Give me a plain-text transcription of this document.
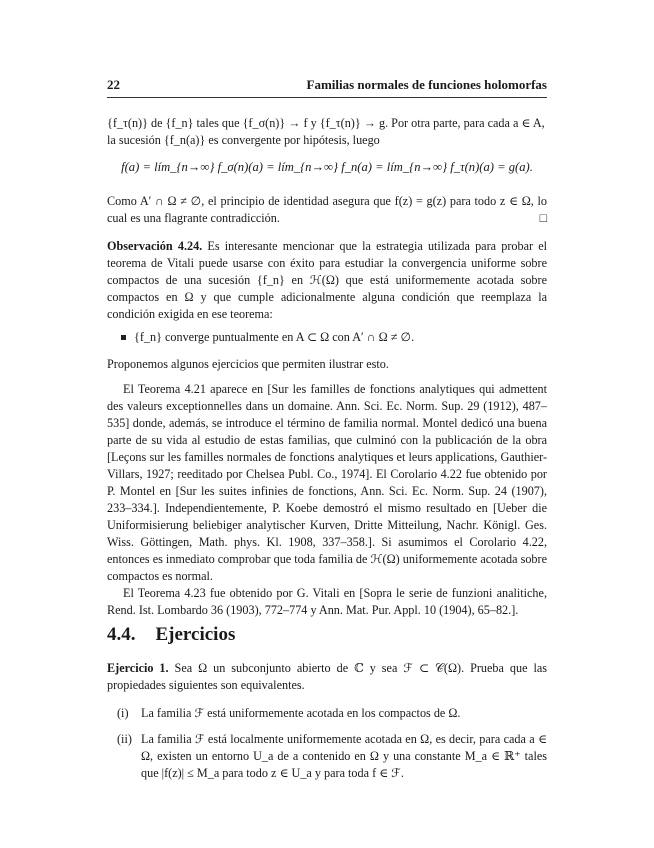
22	Familias normales de funciones holomorfas

{f_τ(n)} de {f_n} tales que {f_σ(n)} → f y {f_τ(n)} → g. Por otra parte, para cada a ∈ A,

la sucesión {f_n(a)} es convergente por hipótesis, luego

f(a) = lím_{n→∞} f_σ(n)(a) = lím_{n→∞} f_n(a) = lím_{n→∞} f_τ(n)(a) = g(a).

Como A′ ∩ Ω ≠ ∅, el principio de identidad asegura que f(z) = g(z) para todo z ∈ Ω, lo cual es una flagrante contradicción.	□

Observación 4.24. Es interesante mencionar que la estrategia utilizada para probar el teorema de Vitali puede usarse con éxito para estudiar la convergencia uniforme sobre compactos de una sucesión {f_n} en ℋ(Ω) que está uniformemente acotada sobre compactos en Ω y que cumple adicionalmente alguna condición que reemplaza la condición exigida en ese teorema:

{f_n} converge puntualmente en A ⊂ Ω con A′ ∩ Ω ≠ ∅.

Proponemos algunos ejercicios que permiten ilustrar esto.

El Teorema 4.21 aparece en [Sur les familles de fonctions analytiques qui admettent des valeurs exceptionnelles dans un domaine. Ann. Sci. Ec. Norm. Sup. 29 (1912), 487–535] donde, además, se introduce el término de familia normal. Montel dedicó una buena parte de su vida al estudio de estas familias, que culminó con la publicación de la obra [Leçons sur les familles normales de fonctions analytiques et leurs applications, Gauthier-Villars, 1927; reeditado por Chelsea Publ. Co., 1974]. El Corolario 4.22 fue obtenido por P. Montel en [Sur les suites infinies de fonctions, Ann. Sci. Ec. Norm. Sup. 24 (1907), 233–334.]. Independientemente, P. Koebe demostró el mismo resultado en [Ueber die Uniformisierung beliebiger analytischer Kurven, Dritte Mitteilung, Nachr. Königl. Ges. Wiss. Göttingen, Math. phys. Kl. 1908, 337–358.]. Si asumimos el Corolario 4.22, entonces es inmediato comprobar que toda familia de ℋ(Ω) uniformemente acotada sobre compactos es normal.

El Teorema 4.23 fue obtenido por G. Vitali en [Sopra le serie de funzioni analitiche, Rend. Ist. Lombardo 36 (1903), 772–774 y Ann. Mat. Pur. Appl. 10 (1904), 65–82.].

4.4. Ejercicios

Ejercicio 1. Sea Ω un subconjunto abierto de ℂ y sea ℱ ⊂ 𝒞(Ω). Prueba que las propiedades siguientes son equivalentes.

(i) La familia ℱ está uniformemente acotada en los compactos de Ω.
(ii) La familia ℱ está localmente uniformemente acotada en Ω, es decir, para cada a ∈ Ω, existen un entorno U_a de a contenido en Ω y una constante M_a ∈ ℝ⁺ tales que |f(z)| ≤ M_a para todo z ∈ U_a y para toda f ∈ ℱ.
